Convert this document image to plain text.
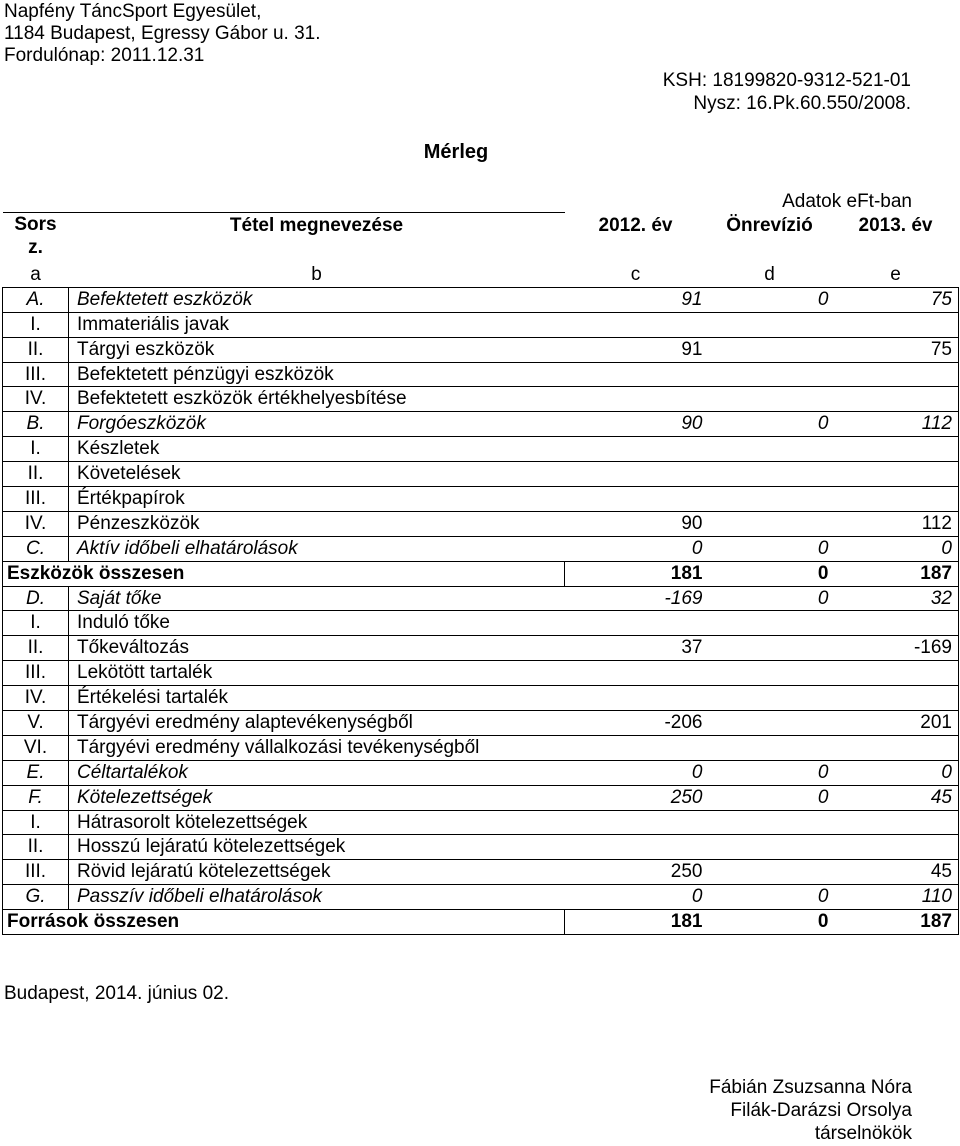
Napfény TáncSport Egyesület,
1184 Budapest, Egressy Gábor u. 31.
Fordulónap: 2011.12.31
KSH: 18199820-9312-521-01
Nysz: 16.Pk.60.550/2008.
Mérleg
Adatok eFt-ban
Sors
z.	Tétel megnevezése	2012. év	Önrevízió	2013. év
a	b	c	d	e
A.	Befektetett eszközök	91	0	75
I.	Immateriális javak			
II.	Tárgyi eszközök	91		75
III.	Befektetett pénzügyi eszközök			
IV.	Befektetett eszközök értékhelyesbítése			
B.	Forgóeszközök	90	0	112
I.	Készletek			
II.	Követelések			
III.	Értékpapírok			
IV.	Pénzeszközök	90		112
C.	Aktív időbeli elhatárolások	0	0	0
Eszközök összesen		181	0	187
D.	Saját tőke	-169	0	32
I.	Induló tőke			
II.	Tőkeváltozás	37		-169
III.	Lekötött tartalék			
IV.	Értékelési tartalék			
V.	Tárgyévi eredmény alaptevékenységből	-206		201
VI.	Tárgyévi eredmény vállalkozási tevékenységből			
E.	Céltartalékok	0	0	0
F.	Kötelezettségek	250	0	45
I.	Hátrasorolt kötelezettségek			
II.	Hosszú lejáratú kötelezettségek			
III.	Rövid lejáratú kötelezettségek	250		45
G.	Passzív időbeli elhatárolások	0	0	110
Források összesen		181	0	187
Budapest, 2014. június 02.
Fábián Zsuzsanna Nóra
Filák-Darázsi Orsolya
társelnökök
